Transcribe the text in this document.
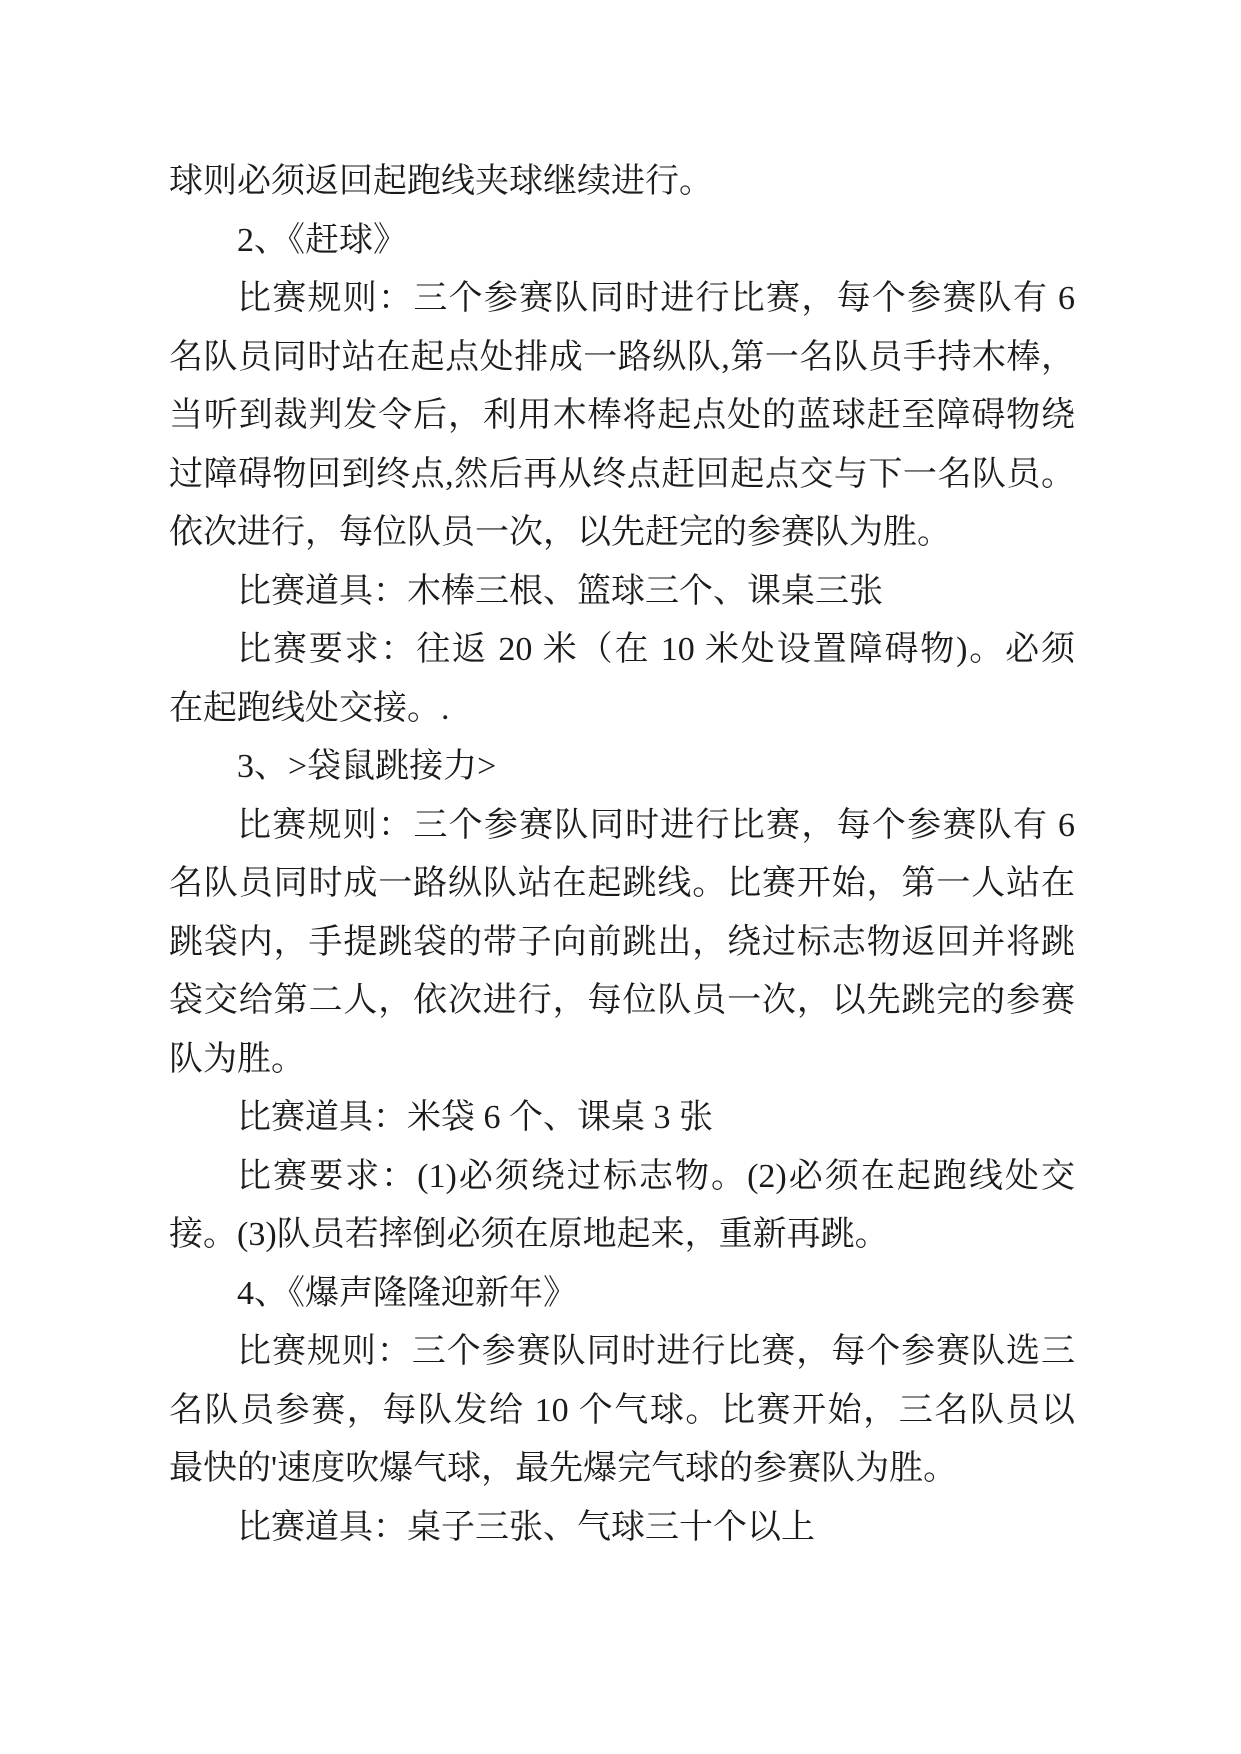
球则必须返回起跑线夹球继续进行。
2、《赶球》
比赛规则：三个参赛队同时进行比赛，每个参赛队有 6
名队员同时站在起点处排成一路纵队,第一名队员手持木棒，
当听到裁判发令后，利用木棒将起点处的蓝球赶至障碍物绕
过障碍物回到终点,然后再从终点赶回起点交与下一名队员。
依次进行，每位队员一次，以先赶完的参赛队为胜。
比赛道具：木棒三根、篮球三个、课桌三张
比赛要求：往返 20 米（在 10 米处设置障碍物)。必须
在起跑线处交接。.
3、>袋鼠跳接力>
比赛规则：三个参赛队同时进行比赛，每个参赛队有 6
名队员同时成一路纵队站在起跳线。比赛开始，第一人站在
跳袋内，手提跳袋的带子向前跳出，绕过标志物返回并将跳
袋交给第二人，依次进行，每位队员一次，以先跳完的参赛
队为胜。
比赛道具：米袋 6 个、课桌 3 张
比赛要求：(1)必须绕过标志物。(2)必须在起跑线处交
接。(3)队员若摔倒必须在原地起来，重新再跳。
4、《爆声隆隆迎新年》
比赛规则：三个参赛队同时进行比赛，每个参赛队选三
名队员参赛，每队发给 10 个气球。比赛开始，三名队员以
最快的'速度吹爆气球，最先爆完气球的参赛队为胜。
比赛道具：桌子三张、气球三十个以上
